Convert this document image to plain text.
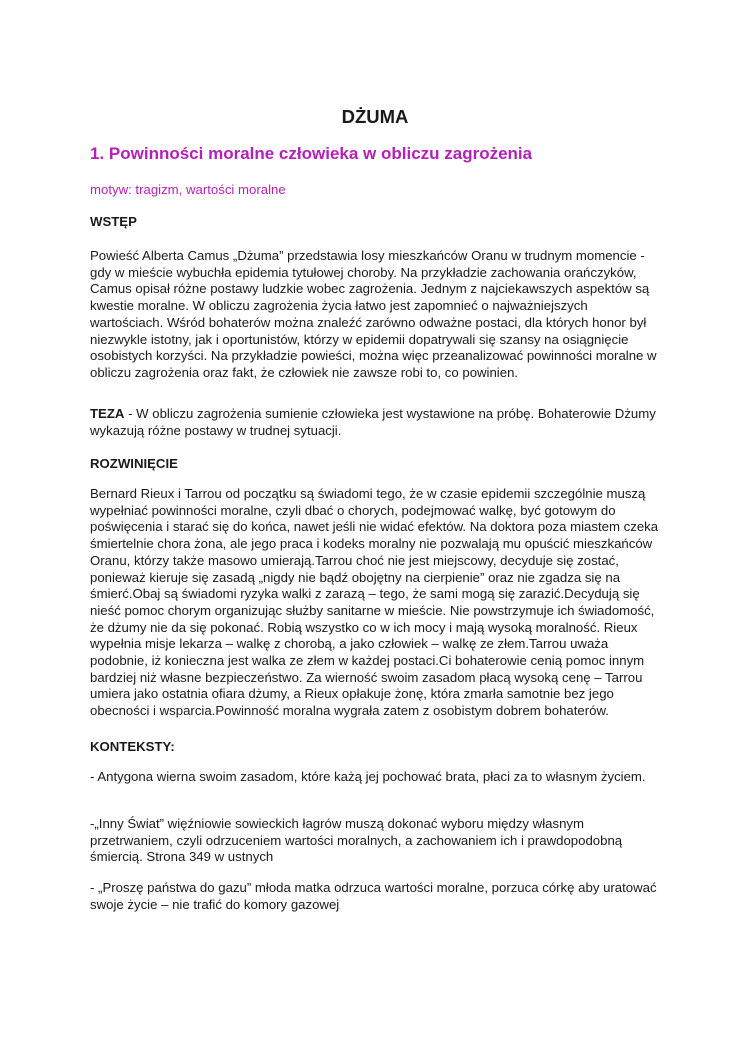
DŻUMA
1. Powinności moralne człowieka w obliczu zagrożenia

motyw: tragizm, wartości moralne

WSTĘP

Powieść Alberta Camus „Dżuma” przedstawia losy mieszkańców Oranu w trudnym momencie - gdy w mieście wybuchła epidemia tytułowej choroby. Na przykładzie zachowania orańczyków, Camus opisał różne postawy ludzkie wobec zagrożenia. Jednym z najciekawszych aspektów są kwestie moralne. W obliczu zagrożenia życia łatwo jest zapomnieć o najważniejszych wartościach. Wśród bohaterów można znaleźć zarówno odważne postaci, dla których honor był niezwykle istotny, jak i oportunistów, którzy w epidemii dopatrywali się szansy na osiągnięcie osobistych korzyści. Na przykładzie powieści, można więc przeanalizować powinności moralne w obliczu zagrożenia oraz fakt, że człowiek nie zawsze robi to, co powinien.

TEZA - W obliczu zagrożenia sumienie człowieka jest wystawione na próbę. Bohaterowie Dżumy wykazują różne postawy w trudnej sytuacji.

ROZWINIĘCIE

Bernard Rieux i Tarrou od początku są świadomi tego, że w czasie epidemii szczególnie muszą wypełniać powinności moralne, czyli dbać o chorych, podejmować walkę, być gotowym do poświęcenia i starać się do końca, nawet jeśli nie widać efektów. Na doktora poza miastem czeka śmiertelnie chora żona, ale jego praca i kodeks moralny nie pozwalają mu opuścić mieszkańców Oranu, którzy także masowo umierają.Tarrou choć nie jest miejscowy, decyduje się zostać, ponieważ kieruje się zasadą „nigdy nie bądź obojętny na cierpienie” oraz nie zgadza się na śmierć.Obaj są świadomi ryzyka walki z zarazą – tego, że sami mogą się zarazić.Decydują się nieść pomoc chorym organizując służby sanitarne w mieście. Nie powstrzymuje ich świadomość, że dżumy nie da się pokonać. Robią wszystko co w ich mocy i mają wysoką moralność. Rieux wypełnia misje lekarza – walkę z chorobą, a jako człowiek – walkę ze złem.Tarrou uważa podobnie, iż konieczna jest walka ze złem w każdej postaci.Ci bohaterowie cenią pomoc innym bardziej niż własne bezpieczeństwo. Za wierność swoim zasadom płacą wysoką cenę – Tarrou umiera jako ostatnia ofiara dżumy, a Rieux opłakuje żonę, która zmarła samotnie bez jego obecności i wsparcia.Powinność moralna wygrała zatem z osobistym dobrem bohaterów.

KONTEKSTY:

- Antygona wierna swoim zasadom, które każą jej pochować brata, płaci za to własnym życiem.

-„Inny Świat” więźniowie sowieckich łagrów muszą dokonać wyboru między własnym przetrwaniem, czyli odrzuceniem wartości moralnych, a zachowaniem ich i prawdopodobną śmiercią. Strona 349 w ustnych

- „Proszę państwa do gazu” młoda matka odrzuca wartości moralne, porzuca córkę aby uratować swoje życie – nie trafić do komory gazowej
